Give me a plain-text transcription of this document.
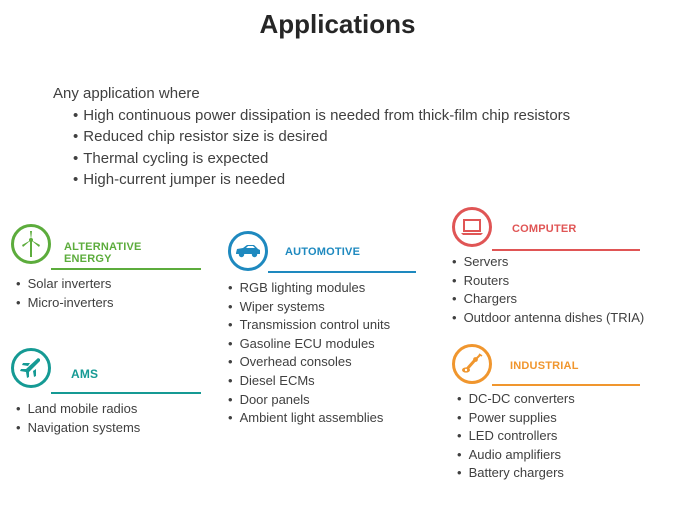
Applications
Any application where
• High continuous power dissipation is needed from thick-film chip resistors
• Reduced chip resistor size is desired
• Thermal cycling is expected
• High-current jumper is needed
ALTERNATIVE ENERGY
• Solar inverters
• Micro-inverters
AMS
• Land mobile radios
• Navigation systems
AUTOMOTIVE
• RGB lighting modules
• Wiper systems
• Transmission control units
• Gasoline ECU modules
• Overhead consoles
• Diesel ECMs
• Door panels
• Ambient light assemblies
COMPUTER
• Servers
• Routers
• Chargers
• Outdoor antenna dishes (TRIA)
INDUSTRIAL
• DC-DC converters
• Power supplies
• LED controllers
• Audio amplifiers
• Battery chargers
